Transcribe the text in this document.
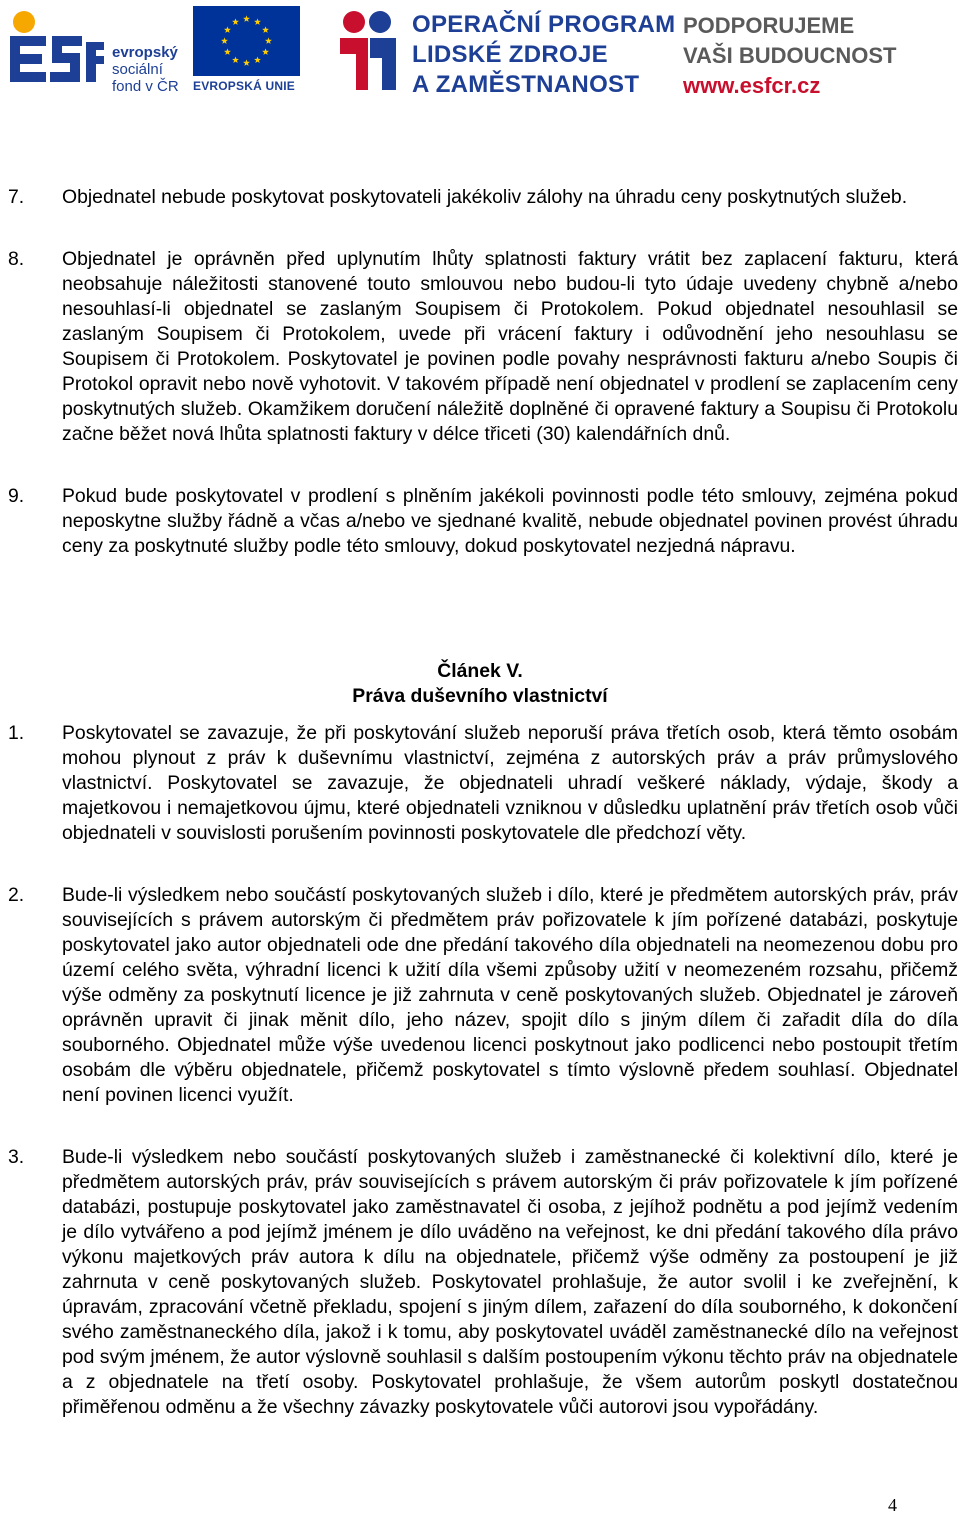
evropský
sociální
fond v ČR EVROPSKÁ UNIE
OPERAČNÍ PROGRAM
LIDSKÉ ZDROJE
A ZAMĚSTNANOST
PODPORUJEME
VAŠI BUDOUCNOST
www.esfcr.cz
7. Objednatel nebude poskytovat poskytovateli jakékoliv zálohy na úhradu ceny poskytnutých služeb.
8. Objednatel je oprávněn před uplynutím lhůty splatnosti faktury vrátit bez zaplacení fakturu, která neobsahuje náležitosti stanovené touto smlouvou nebo budou-li tyto údaje uvedeny chybně a/nebo nesouhlasí-li objednatel se zaslaným Soupisem či Protokolem. Pokud objednatel nesouhlasil se zaslaným Soupisem či Protokolem, uvede při vrácení faktury i odůvodnění jeho nesouhlasu se Soupisem či Protokolem. Poskytovatel je povinen podle povahy nesprávnosti fakturu a/nebo Soupis či Protokol opravit nebo nově vyhotovit. V takovém případě není objednatel v prodlení se zaplacením ceny poskytnutých služeb. Okamžikem doručení náležitě doplněné či opravené faktury a Soupisu či Protokolu začne běžet nová lhůta splatnosti faktury v délce třiceti (30) kalendářních dnů.
9. Pokud bude poskytovatel v prodlení s plněním jakékoli povinnosti podle této smlouvy, zejména pokud neposkytne služby řádně a včas a/nebo ve sjednané kvalitě, nebude objednatel povinen provést úhradu ceny za poskytnuté služby podle této smlouvy, dokud poskytovatel nezjedná nápravu.
Článek V.
Práva duševního vlastnictví
1. Poskytovatel se zavazuje, že při poskytování služeb neporuší práva třetích osob, která těmto osobám mohou plynout z práv k duševnímu vlastnictví, zejména z autorských práv a práv průmyslového vlastnictví. Poskytovatel se zavazuje, že objednateli uhradí veškeré náklady, výdaje, škody a majetkovou i nemajetkovou újmu, které objednateli vzniknou v důsledku uplatnění práv třetích osob vůči objednateli v souvislosti porušením povinnosti poskytovatele dle předchozí věty.
2. Bude-li výsledkem nebo součástí poskytovaných služeb i dílo, které je předmětem autorských práv, práv souvisejících s právem autorským či předmětem práv pořizovatele k jím pořízené databázi, poskytuje poskytovatel jako autor objednateli ode dne předání takového díla objednateli na neomezenou dobu pro území celého světa, výhradní licenci k užití díla všemi způsoby užití v neomezeném rozsahu, přičemž výše odměny za poskytnutí licence je již zahrnuta v ceně poskytovaných služeb. Objednatel je zároveň oprávněn upravit či jinak měnit dílo, jeho název, spojit dílo s jiným dílem či zařadit díla do díla souborného. Objednatel může výše uvedenou licenci poskytnout jako podlicenci nebo postoupit třetím osobám dle výběru objednatele, přičemž poskytovatel s tímto výslovně předem souhlasí. Objednatel není povinen licenci využít.
3. Bude-li výsledkem nebo součástí poskytovaných služeb i zaměstnanecké či kolektivní dílo, které je předmětem autorských práv, práv souvisejících s právem autorským či práv pořizovatele k jím pořízené databázi, postupuje poskytovatel jako zaměstnavatel či osoba, z jejíhož podnětu a pod jejímž vedením je dílo vytvářeno a pod jejímž jménem je dílo uváděno na veřejnost, ke dni předání takového díla právo výkonu majetkových práv autora k dílu na objednatele, přičemž výše odměny za postoupení je již zahrnuta v ceně poskytovaných služeb. Poskytovatel prohlašuje, že autor svolil i ke zveřejnění, k úpravám, zpracování včetně překladu, spojení s jiným dílem, zařazení do díla souborného, k dokončení svého zaměstnaneckého díla, jakož i k tomu, aby poskytovatel uváděl zaměstnanecké dílo na veřejnost pod svým jménem, že autor výslovně souhlasil s dalším postoupením výkonu těchto práv na objednatele a z objednatele na třetí osoby. Poskytovatel prohlašuje, že všem autorům poskytl dostatečnou přiměřenou odměnu a že všechny závazky poskytovatele vůči autorovi jsou vypořádány.
4
